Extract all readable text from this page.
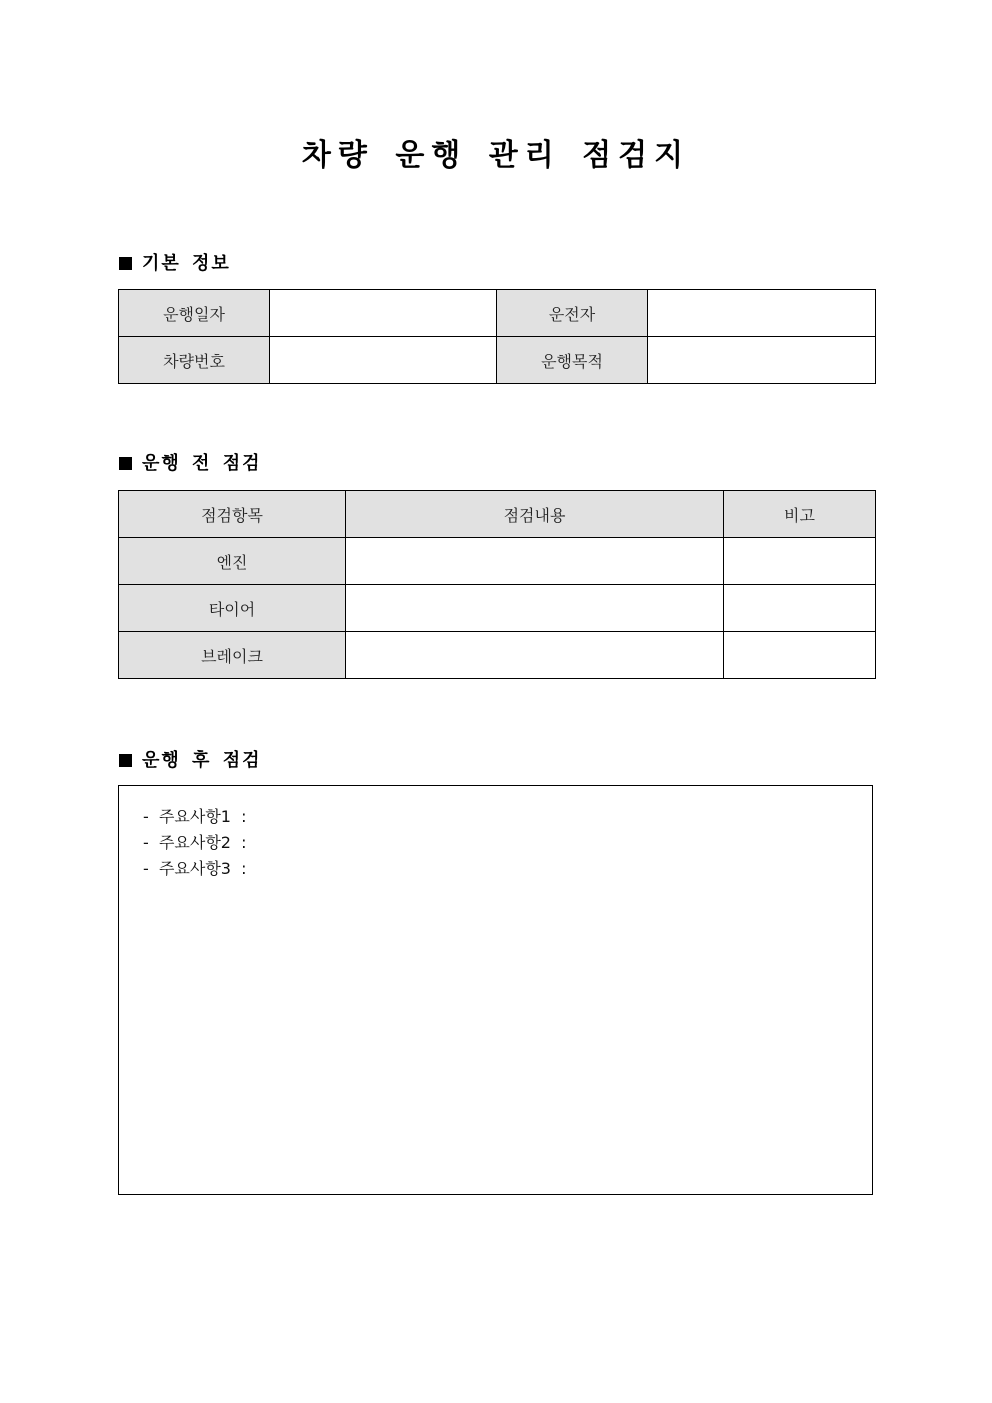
차량 운행 관리 점검지
기본 정보
운행일자		운전자	
차량번호		운행목적	
운행 전 점검
점검항목	점검내용	비고
엔진		
타이어		
브레이크		
운행 후 점검
-  주요사항1  :
-  주요사항2  :
-  주요사항3  :
